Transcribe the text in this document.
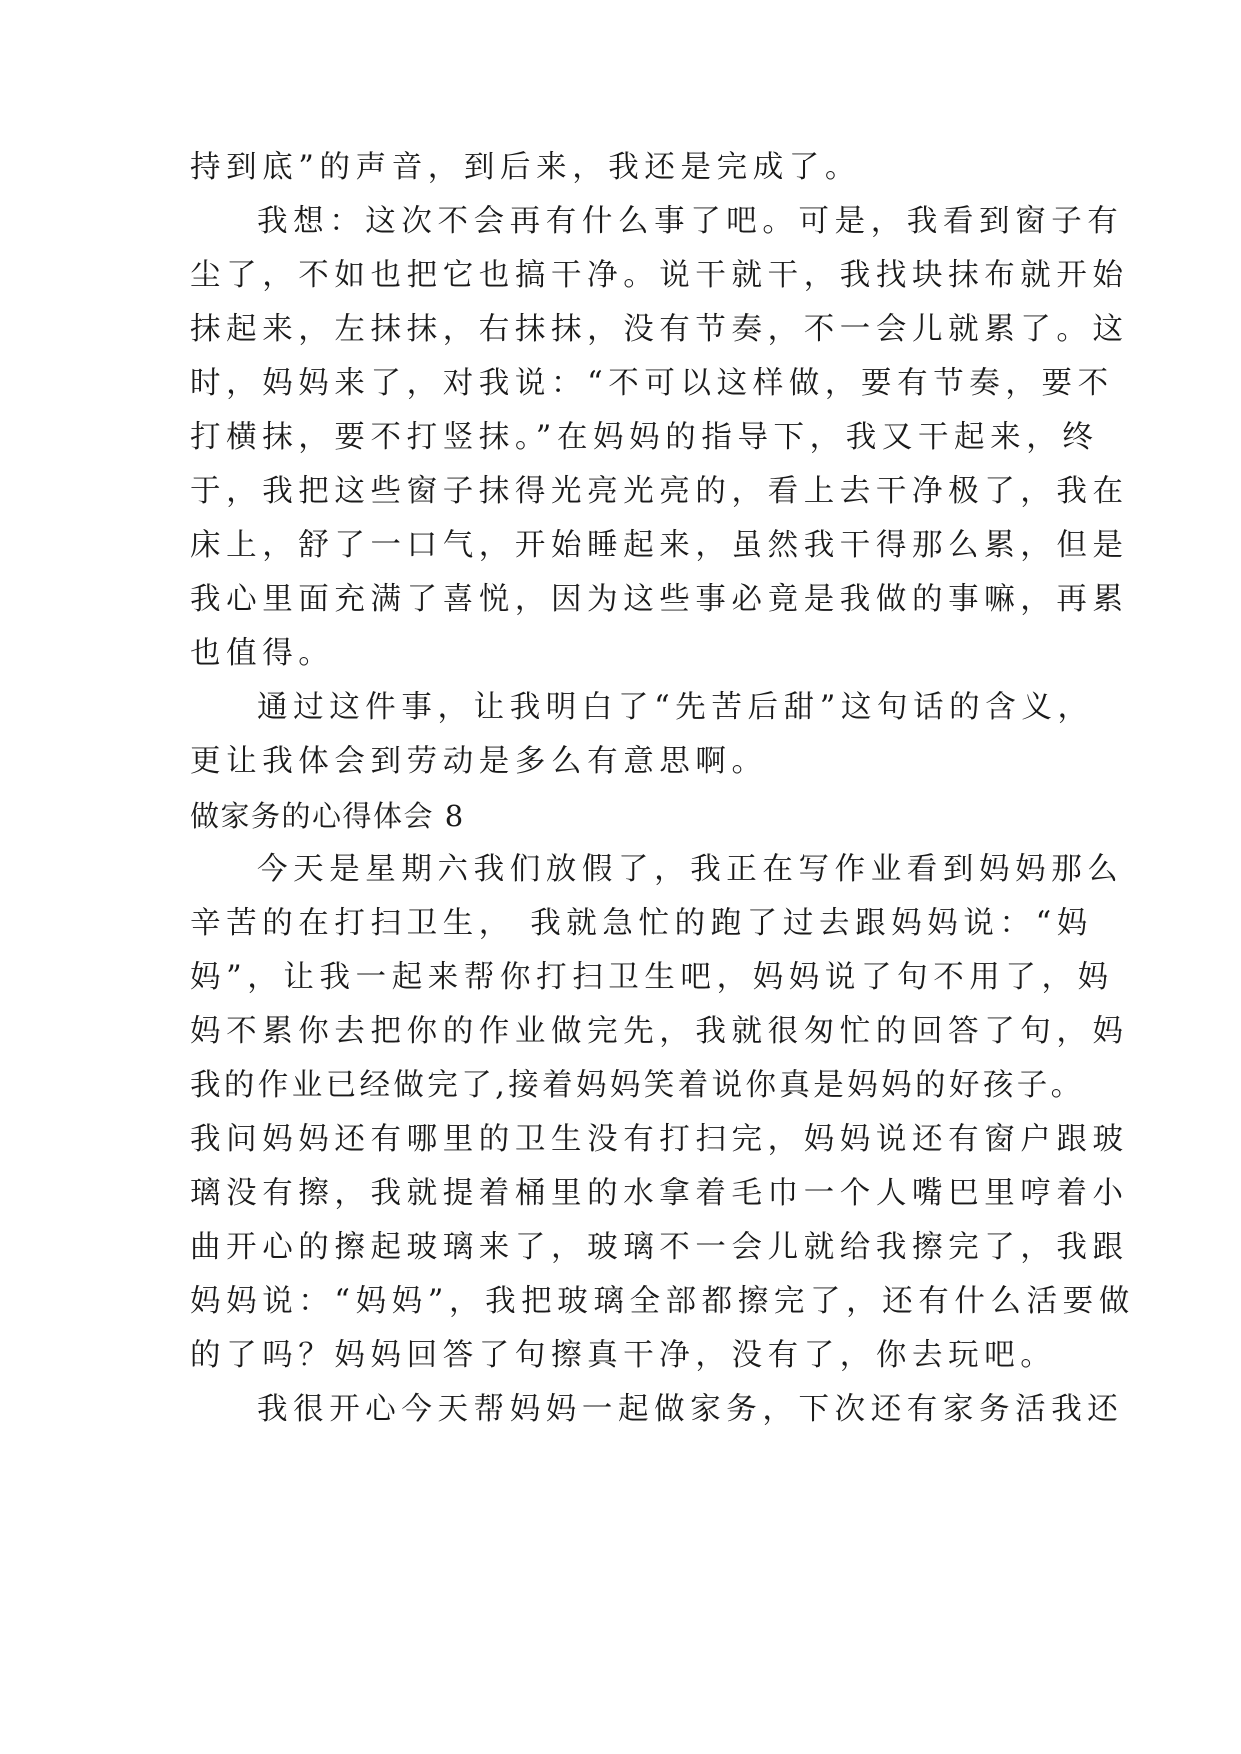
持到底”的声音，到后来，我还是完成了。
我想：这次不会再有什么事了吧。可是，我看到窗子有
尘了，不如也把它也搞干净。说干就干，我找块抹布就开始
抹起来，左抹抹，右抹抹，没有节奏，不一会儿就累了。这
时，妈妈来了，对我说：“不可以这样做，要有节奏，要不
打横抹，要不打竖抹。”在妈妈的指导下，我又干起来，终
于，我把这些窗子抹得光亮光亮的，看上去干净极了，我在
床上，舒了一口气，开始睡起来，虽然我干得那么累，但是
我心里面充满了喜悦，因为这些事必竟是我做的事嘛，再累
也值得。
通过这件事，让我明白了“先苦后甜”这句话的含义，
更让我体会到劳动是多么有意思啊。
做家务的心得体会 8
今天是星期六我们放假了，我正在写作业看到妈妈那么
辛苦的在打扫卫生， 我就急忙的跑了过去跟妈妈说：“妈
妈”，让我一起来帮你打扫卫生吧，妈妈说了句不用了，妈
妈不累你去把你的作业做完先，我就很匆忙的回答了句，妈
我的作业已经做完了,接着妈妈笑着说你真是妈妈的好孩子。
我问妈妈还有哪里的卫生没有打扫完，妈妈说还有窗户跟玻
璃没有擦，我就提着桶里的水拿着毛巾一个人嘴巴里哼着小
曲开心的擦起玻璃来了，玻璃不一会儿就给我擦完了，我跟
妈妈说：“妈妈”，我把玻璃全部都擦完了，还有什么活要做
的了吗？妈妈回答了句擦真干净，没有了，你去玩吧。
我很开心今天帮妈妈一起做家务，下次还有家务活我还
